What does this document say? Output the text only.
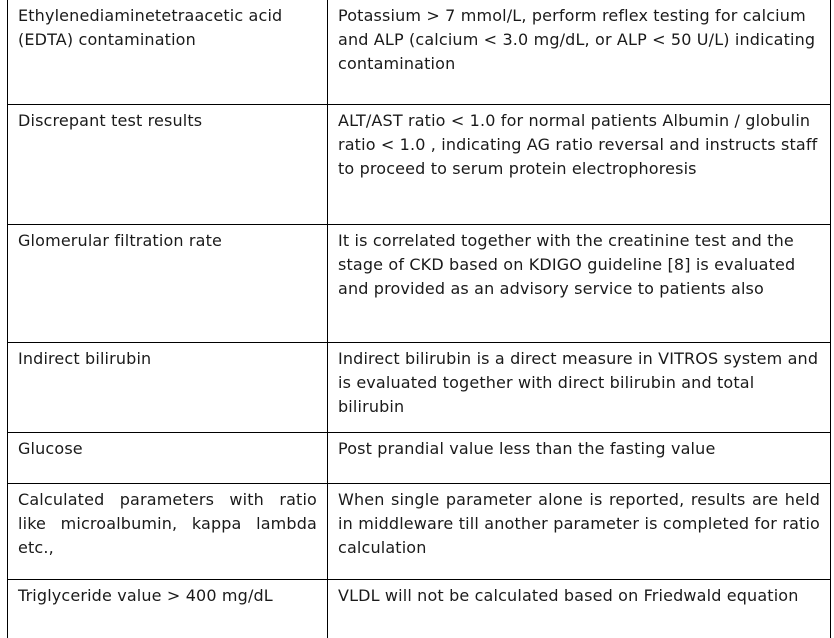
Ethylenediaminetetraacetic acid (EDTA) contamination	Potassium > 7 mmol/L, perform reflex testing for calcium and ALP (calcium < 3.0 mg/dL, or ALP < 50 U/L) indicating contamination
Discrepant test results	ALT/AST ratio < 1.0 for normal patients Albumin / globulin ratio < 1.0 , indicating AG ratio reversal and instructs staff to proceed to serum protein electrophoresis
Glomerular filtration rate	It is correlated together with the creatinine test and the stage of CKD based on KDIGO guideline [8] is evaluated and provided as an advisory service to patients also
Indirect bilirubin	Indirect bilirubin is a direct measure in VITROS system and is evaluated together with direct bilirubin and total bilirubin
Glucose	Post prandial value less than the fasting value
Calculated parameters with ratio like microalbumin, kappa lambda etc.,	When single parameter alone is reported, results are held in middleware till another parameter is completed for ratio calculation
Triglyceride value > 400 mg/dL	VLDL will not be calculated based on Friedwald equation
